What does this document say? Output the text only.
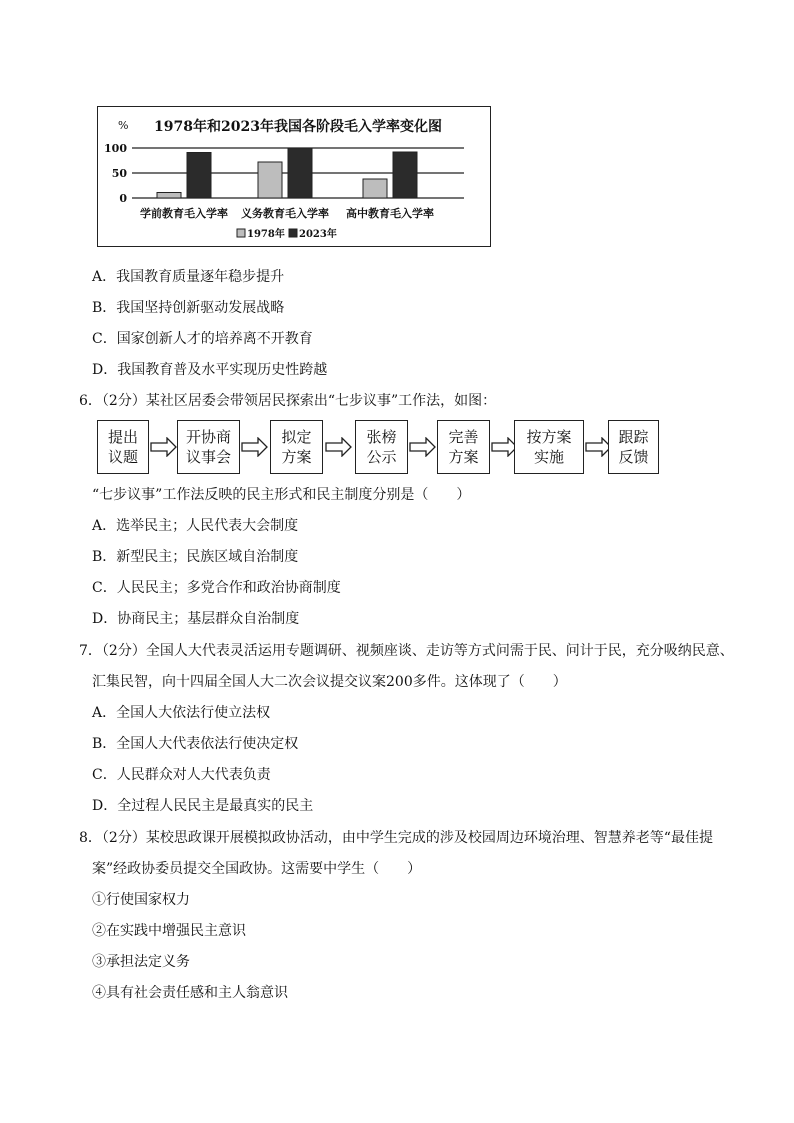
1978年和2023年我国各阶段毛入学率变化图
%
100
50
0
学前教育毛入学率 义务教育毛入学率 高中教育毛入学率
1978年 2023年
A．我国教育质量逐年稳步提升
B．我国坚持创新驱动发展战略
C．国家创新人才的培养离不开教育
D．我国教育普及水平实现历史性跨越
6．（2分）某社区居委会带领居民探索出“七步议事”工作法，如图：
提出
议题
开协商
议事会
拟定
方案
张榜
公示
完善
方案
按方案
实施
跟踪
反馈
“七步议事”工作法反映的民主形式和民主制度分别是（　　）
A．选举民主；人民代表大会制度
B．新型民主；民族区域自治制度
C．人民民主；多党合作和政治协商制度
D．协商民主；基层群众自治制度
7．（2分）全国人大代表灵活运用专题调研、视频座谈、走访等方式问需于民、问计于民，充分吸纳民意、
汇集民智，向十四届全国人大二次会议提交议案200多件。这体现了（　　）
A．全国人大依法行使立法权
B．全国人大代表依法行使决定权
C．人民群众对人大代表负责
D．全过程人民民主是最真实的民主
8．（2分）某校思政课开展模拟政协活动，由中学生完成的涉及校园周边环境治理、智慧养老等“最佳提
案”经政协委员提交全国政协。这需要中学生（　　）
①行使国家权力
②在实践中增强民主意识
③承担法定义务
④具有社会责任感和主人翁意识
